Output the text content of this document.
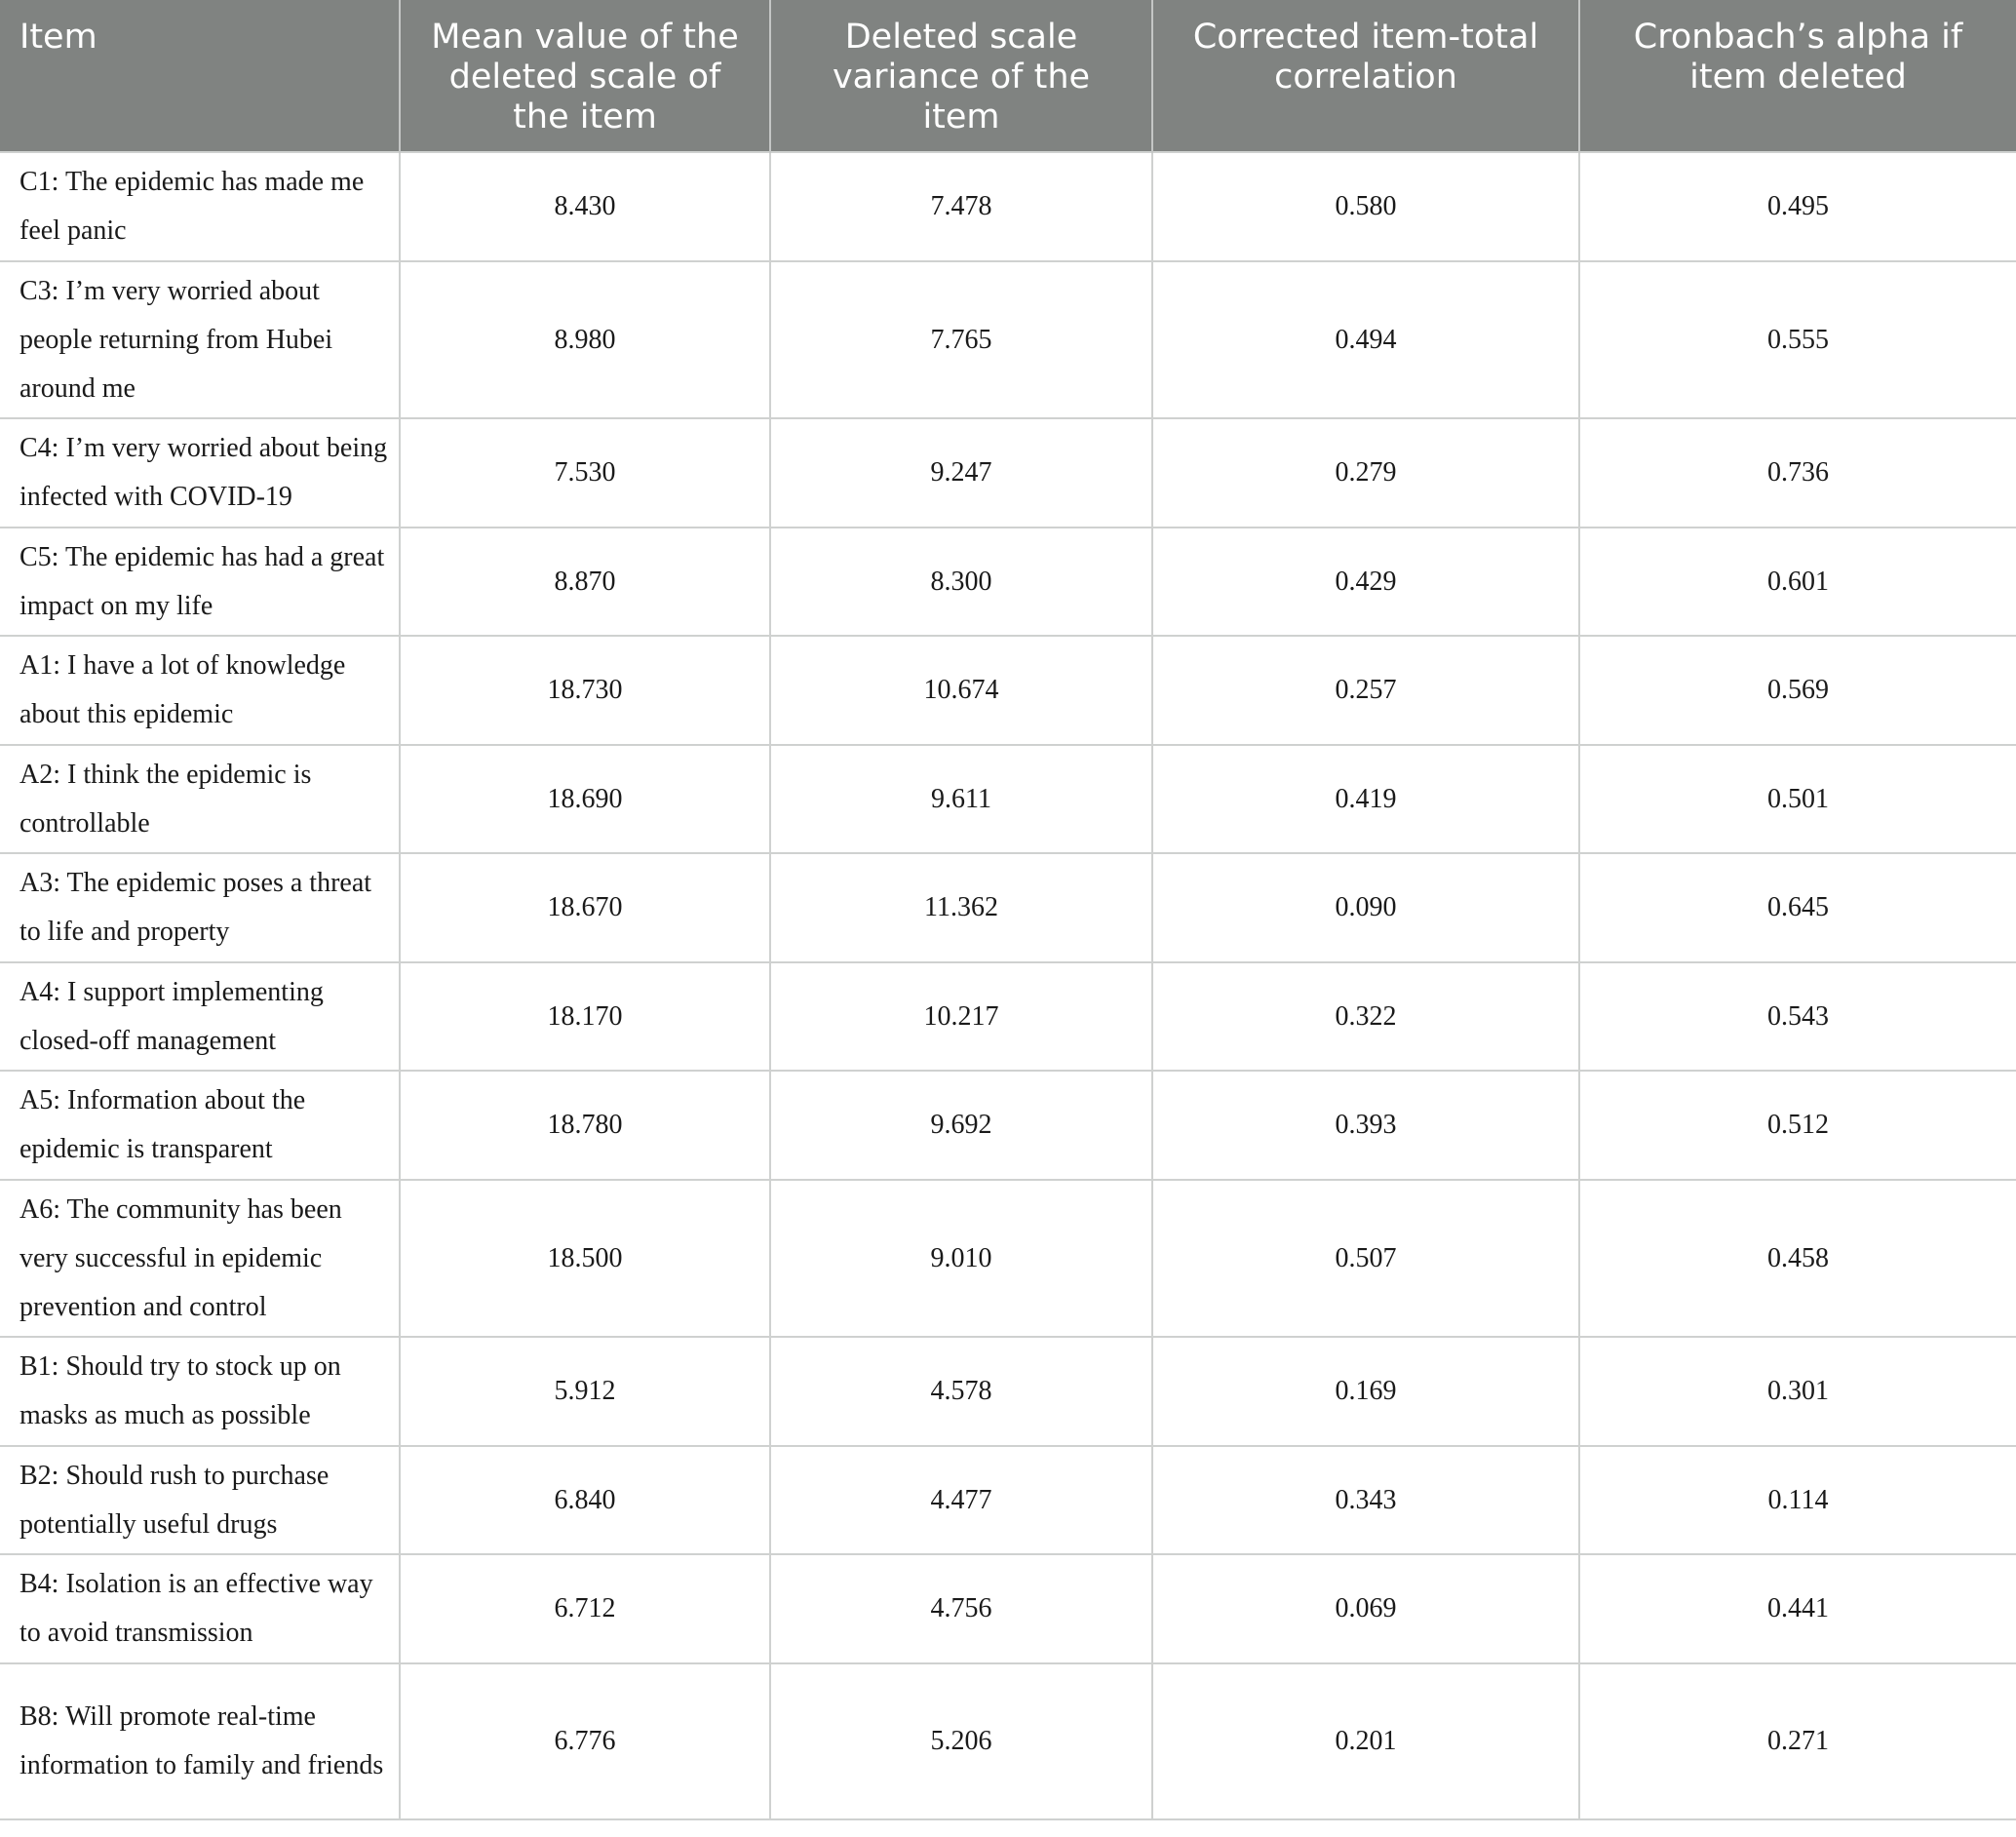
Item	Mean value of the deleted scale of the item	Deleted scale variance of the item	Corrected item-total correlation	Cronbach’s alpha if item deleted
C1: The epidemic has made me feel panic	8.430	7.478	0.580	0.495
C3: I’m very worried about people returning from Hubei around me	8.980	7.765	0.494	0.555
C4: I’m very worried about being infected with COVID-19	7.530	9.247	0.279	0.736
C5: The epidemic has had a great impact on my life	8.870	8.300	0.429	0.601
A1: I have a lot of knowledge about this epidemic	18.730	10.674	0.257	0.569
A2: I think the epidemic is controllable	18.690	9.611	0.419	0.501
A3: The epidemic poses a threat to life and property	18.670	11.362	0.090	0.645
A4: I support implementing closed-off management	18.170	10.217	0.322	0.543
A5: Information about the epidemic is transparent	18.780	9.692	0.393	0.512
A6: The community has been very successful in epidemic prevention and control	18.500	9.010	0.507	0.458
B1: Should try to stock up on masks as much as possible	5.912	4.578	0.169	0.301
B2: Should rush to purchase potentially useful drugs	6.840	4.477	0.343	0.114
B4: Isolation is an effective way to avoid transmission	6.712	4.756	0.069	0.441
B8: Will promote real-time information to family and friends	6.776	5.206	0.201	0.271
